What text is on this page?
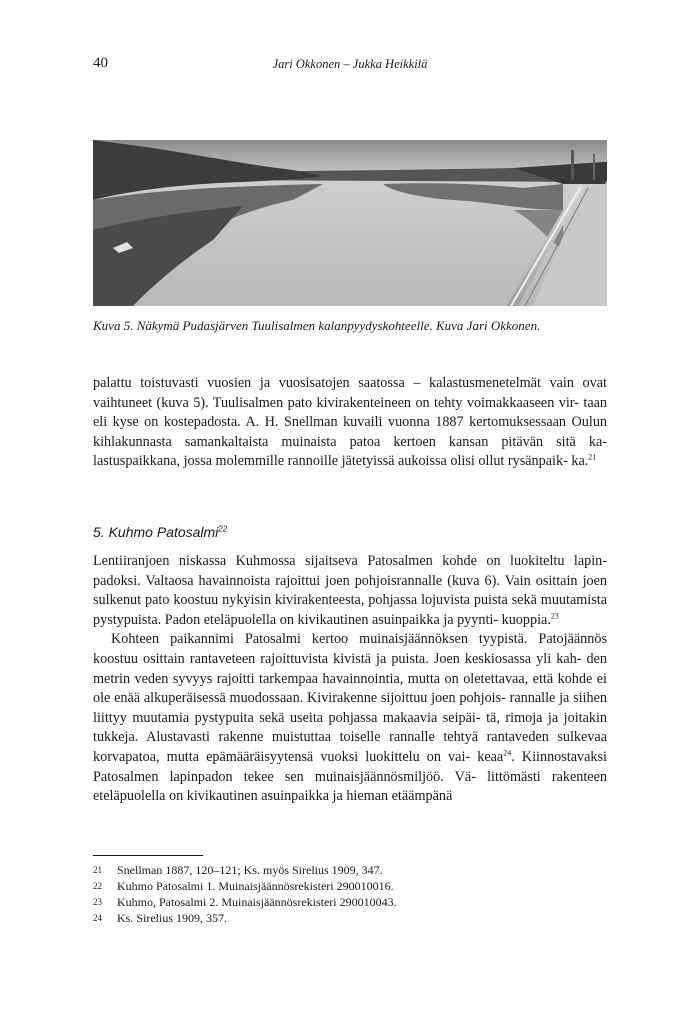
40	Jari Okkonen – Jukka Heikkilä
Kuva 5. Näkymä Pudasjärven Tuulisalmen kalanpyydyskohteelle. Kuva Jari Okkonen.

palattu toistuvasti vuosien ja vuosisatojen saatossa – kalastusmenetelmät vain ovat vaihtuneet (kuva 5). Tuulisalmen pato kivirakenteineen on tehty voimakkaaseen vir- taan eli kyse on kostepadosta. A. H. Snellman kuvaili vuonna 1887 kertomuksessaan Oulun kihlakunnasta samankaltaista muinaista patoa kertoen kansan pitävän sitä ka- lastuspaikkana, jossa molemmille rannoille jätetyissä aukoissa olisi ollut rysänpaik- ka.$^{21}$

5. Kuhmo Patosalmi$^{22}$

Lentiiranjoen niskassa Kuhmossa sijaitseva Patosalmen kohde on luokiteltu lapin- padoksi. Valtaosa havainnoista rajoittui joen pohjoisrannalle (kuva 6). Vain osittain joen sulkenut pato koostuu nykyisin kivirakenteesta, pohjassa lojuvista puista sekä muutamista pystypuista. Padon eteläpuolella on kivikautinen asuinpaikka ja pyynti- kuoppia.$^{23}$

Kohteen paikannimi Patosalmi kertoo muinaisjäännöksen tyypistä. Patojäännös koostuu osittain rantaveteen rajoittuvista kivistä ja puista. Joen keskiosassa yli kah- den metrin veden syvyys rajoitti tarkempaa havainnointia, mutta on oletettavaa, että kohde ei ole enää alkuperäisessä muodossaan. Kivirakenne sijoittuu joen pohjois- rannalle ja siihen liittyy muutamia pystypuita sekä useita pohjassa makaavia seipäi- tä, rimoja ja joitakin tukkeja. Alustavasti rakenne muistuttaa toiselle rannalle tehtyä rantaveden sulkevaa korvapatoa, mutta epämääräisyytensä vuoksi luokittelu on vai- keaa$^{24}$. Kiinnostavaksi Patosalmen lapinpadon tekee sen muinaisjäännösmiljöö. Vä- littömästi rakenteen eteläpuolella on kivikautinen asuinpaikka ja hieman etäämpänä

21	Snellman 1887, 120–121; Ks. myös Sirelius 1909, 347.
22	Kuhmo Patosalmi 1. Muinaisjäännösrekisteri 290010016.
23	Kuhmo, Patosalmi 2. Muinaisjäännösrekisteri 290010043.
24	Ks. Sirelius 1909, 357.
